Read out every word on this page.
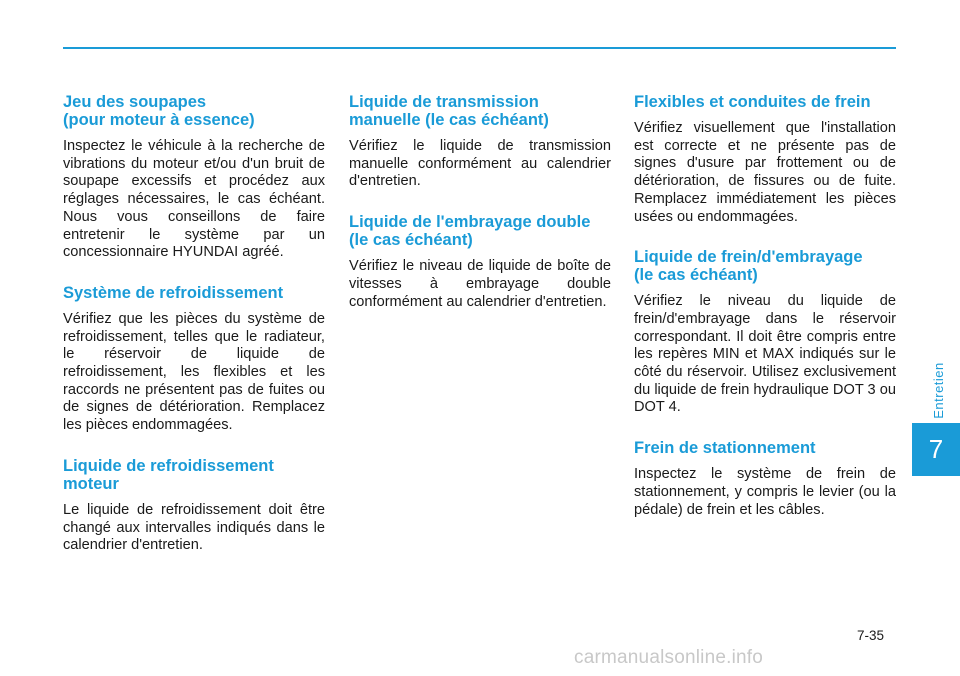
Jeu des soupapes
(pour moteur à essence)

Inspectez le véhicule à la recherche de vibrations du moteur et/ou d'un bruit de soupape excessifs et procédez aux réglages nécessaires, le cas échéant. Nous vous conseillons de faire entretenir le système par un concessionnaire HYUNDAI agréé.

Système de refroidissement

Vérifiez que les pièces du système de refroidissement, telles que le radiateur, le réservoir de liquide de refroidissement, les flexibles et les raccords ne présentent pas de fuites ou de signes de détérioration. Remplacez les pièces endommagées.

Liquide de refroidissement
moteur

Le liquide de refroidissement doit être changé aux intervalles indiqués dans le calendrier d'entretien.

Liquide de transmission
manuelle (le cas échéant)

Vérifiez le liquide de transmission manuelle conformément au calendrier d'entretien.

Liquide de l'embrayage double
(le cas échéant)

Vérifiez le niveau de liquide de boîte de vitesses à embrayage double conformément au calendrier d'entretien.

Flexibles et conduites de frein

Vérifiez visuellement que l'installation est correcte et ne présente pas de signes d'usure par frottement ou de détérioration, de fissures ou de fuite. Remplacez immédiatement les pièces usées ou endommagées.

Liquide de frein/d'embrayage
(le cas échéant)

Vérifiez le niveau du liquide de frein/d'embrayage dans le réservoir correspondant. Il doit être compris entre les repères MIN et MAX indiqués sur le côté du réservoir. Utilisez exclusivement du liquide de frein hydraulique DOT 3 ou DOT 4.

Frein de stationnement

Inspectez le système de frein de stationnement, y compris le levier (ou la pédale) de frein et les câbles.

Entretien
7
7-35
carmanualsonline.info
